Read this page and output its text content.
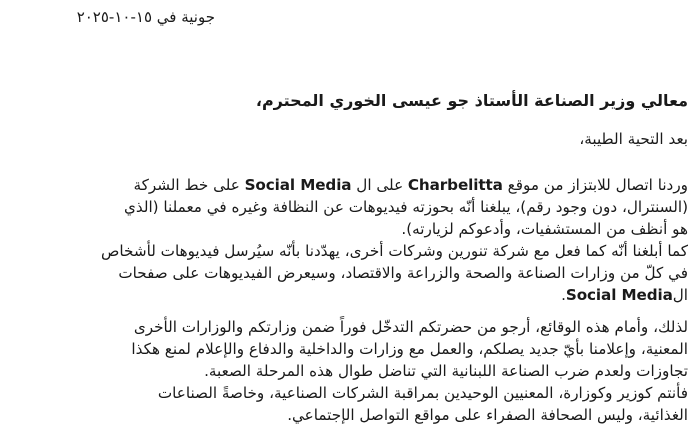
جونية في ١٥-١٠-٢٠٢٥
معالي وزير الصناعة الأستاذ جو عيسى الخوري المحترم،
بعد التحية الطيبة،
وردنا اتصال للابتزاز من موقع Charbelitta على ال Social Media على خط الشركة
(السنترال، دون وجود رقم)، يبلغنا أنّه بحوزته فيديوهات عن النظافة وغيره في معملنا (الذي
هو أنظف من المستشفيات، وأدعوكم لزيارته).
كما أبلغنا أنّه كما فعل مع شركة تنورين وشركات أخرى، يهدّدنا بأنّه سيُرسل فيديوهات لأشخاص
في كلّ من وزارات الصناعة والصحة والزراعة والاقتصاد، وسيعرض الفيديوهات على صفحات
الSocial Media.
لذلك، وأمام هذه الوقائع، أرجو من حضرتكم التدخّل فوراً ضمن وزارتكم والوزارات الأخرى
المعنية، وإعلامنا بأيّ جديد يصلكم، والعمل مع وزارات والداخلية والدفاع والإعلام لمنع هكذا
تجاوزات ولعدم ضرب الصناعة اللبنانية التي تناضل طوال هذه المرحلة الصعبة.
فأنتم كوزير وكوزارة، المعنيين الوحيدين بمراقبة الشركات الصناعية، وخاصةً الصناعات
الغذائية، وليس الصحافة الصفراء على مواقع التواصل الإجتماعي.
